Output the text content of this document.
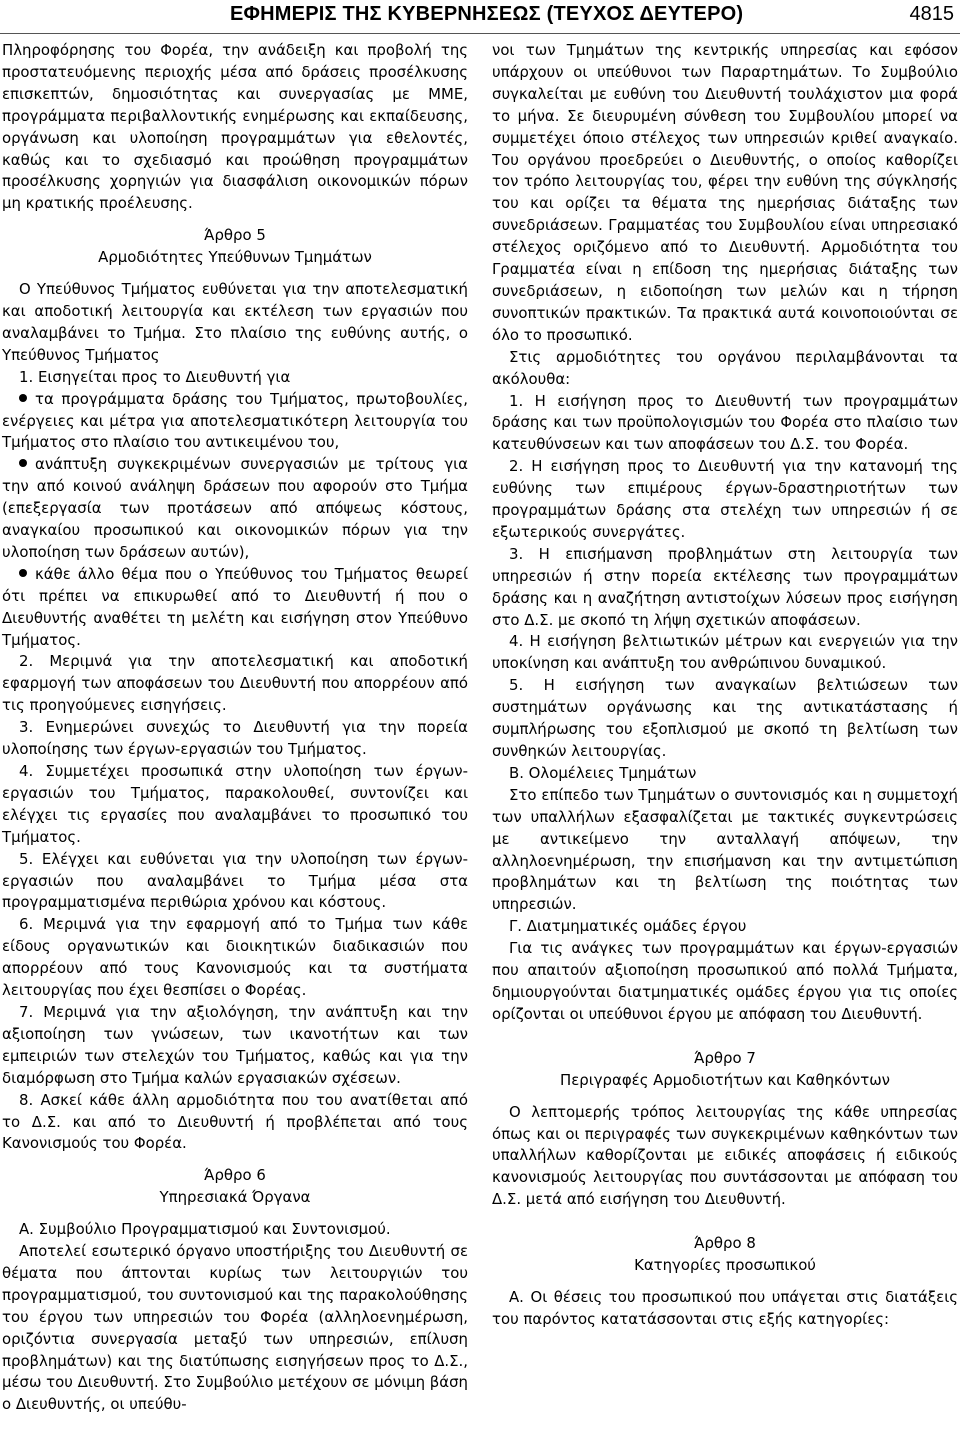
ΕΦΗΜΕΡΙΣ ΤΗΣ ΚΥΒΕΡΝΗΣΕΩΣ (ΤΕΥΧΟΣ ΔΕΥΤΕΡΟ)	4815

Πληροφόρησης του Φορέα, την ανάδειξη και προβολή της προστατευόμενης περιοχής μέσα από δράσεις προσέλκυσης επισκεπτών, δημοσιότητας και συνεργασίας με ΜΜΕ, προγράμματα περιβαλλοντικής ενημέρωσης και εκπαίδευσης, οργάνωση και υλοποίηση προγραμμάτων για εθελοντές, καθώς και το σχεδιασμό και προώθηση προγραμμάτων προσέλκυσης χορηγιών για διασφάλιση οικονομικών πόρων μη κρατικής προέλευσης.

Άρθρο 5

Αρμοδιότητες Υπεύθυνων Τμημάτων

Ο Υπεύθυνος Τμήματος ευθύνεται για την αποτελεσματική και αποδοτική λειτουργία και εκτέλεση των εργασιών που αναλαμβάνει το Τμήμα. Στο πλαίσιο της ευθύνης αυτής, ο Υπεύθυνος Τμήματος

1. Εισηγείται προς το Διευθυντή για

τα προγράμματα δράσης του Τμήματος, πρωτοβουλίες, ενέργειες και μέτρα για αποτελεσματικότερη λειτουργία του Τμήματος στο πλαίσιο του αντικειμένου του,

ανάπτυξη συγκεκριμένων συνεργασιών με τρίτους για την από κοινού ανάληψη δράσεων που αφορούν στο Τμήμα (επεξεργασία των προτάσεων από απόψεως κόστους, αναγκαίου προσωπικού και οικονομικών πόρων για την υλοποίηση των δράσεων αυτών),

κάθε άλλο θέμα που ο Υπεύθυνος του Τμήματος θεωρεί ότι πρέπει να επικυρωθεί από το Διευθυντή ή που ο Διευθυντής αναθέτει τη μελέτη και εισήγηση στον Υπεύθυνο Τμήματος.

2. Μεριμνά για την αποτελεσματική και αποδοτική εφαρμογή των αποφάσεων του Διευθυντή που απορρέουν από τις προηγούμενες εισηγήσεις.

3. Ενημερώνει συνεχώς το Διευθυντή για την πορεία υλοποίησης των έργων-εργασιών του Τμήματος.

4. Συμμετέχει προσωπικά στην υλοποίηση των έργων-εργασιών του Τμήματος, παρακολουθεί, συντονίζει και ελέγχει τις εργασίες που αναλαμβάνει το προσωπικό του Τμήματος.

5. Ελέγχει και ευθύνεται για την υλοποίηση των έργων-εργασιών που αναλαμβάνει το Τμήμα μέσα στα προγραμματισμένα περιθώρια χρόνου και κόστους.

6. Μεριμνά για την εφαρμογή από το Τμήμα των κάθε είδους οργανωτικών και διοικητικών διαδικασιών που απορρέουν από τους Κανονισμούς και τα συστήματα λειτουργίας που έχει θεσπίσει ο Φορέας.

7. Μεριμνά για την αξιολόγηση, την ανάπτυξη και την αξιοποίηση των γνώσεων, των ικανοτήτων και των εμπειριών των στελεχών του Τμήματος, καθώς και για την διαμόρφωση στο Τμήμα καλών εργασιακών σχέσεων.

8. Ασκεί κάθε άλλη αρμοδιότητα που του ανατίθεται από το Δ.Σ. και από το Διευθυντή ή προβλέπεται από τους Κανονισμούς του Φορέα.

Άρθρο 6

Υπηρεσιακά Όργανα

Α. Συμβούλιο Προγραμματισμού και Συντονισμού.

Αποτελεί εσωτερικό όργανο υποστήριξης του Διευθυντή σε θέματα που άπτονται κυρίως των λειτουργιών του προγραμματισμού, του συντονισμού και της παρακολούθησης του έργου των υπηρεσιών του Φορέα (αλληλοενημέρωση, οριζόντια συνεργασία μεταξύ των υπηρεσιών, επίλυση προβλημάτων) και της διατύπωσης εισηγήσεων προς το Δ.Σ., μέσω του Διευθυντή. Στο Συμβούλιο μετέχουν σε μόνιμη βάση ο Διευθυντής, οι υπεύθυ-

νοι των Τμημάτων της κεντρικής υπηρεσίας και εφόσον υπάρχουν οι υπεύθυνοι των Παραρτημάτων. Το Συμβούλιο συγκαλείται με ευθύνη του Διευθυντή τουλάχιστον μια φορά το μήνα. Σε διευρυμένη σύνθεση του Συμβουλίου μπορεί να συμμετέχει όποιο στέλεχος των υπηρεσιών κριθεί αναγκαίο. Του οργάνου προεδρεύει ο Διευθυντής, ο οποίος καθορίζει τον τρόπο λειτουργίας του, φέρει την ευθύνη της σύγκλησής του και ορίζει τα θέματα της ημερήσιας διάταξης των συνεδριάσεων. Γραμματέας του Συμβουλίου είναι υπηρεσιακό στέλεχος οριζόμενο από το Διευθυντή. Αρμοδιότητα του Γραμματέα είναι η επίδοση της ημερήσιας διάταξης των συνεδριάσεων, η ειδοποίηση των μελών και η τήρηση συνοπτικών πρακτικών. Τα πρακτικά αυτά κοινοποιούνται σε όλο το προσωπικό.

Στις αρμοδιότητες του οργάνου περιλαμβάνονται τα ακόλουθα:

1. Η εισήγηση προς το Διευθυντή των προγραμμάτων δράσης και των προϋπολογισμών του Φορέα στο πλαίσιο των κατευθύνσεων και των αποφάσεων του Δ.Σ. του Φορέα.

2. Η εισήγηση προς το Διευθυντή για την κατανομή της ευθύνης των επιμέρους έργων-δραστηριοτήτων των προγραμμάτων δράσης στα στελέχη των υπηρεσιών ή σε εξωτερικούς συνεργάτες.

3. Η επισήμανση προβλημάτων στη λειτουργία των υπηρεσιών ή στην πορεία εκτέλεσης των προγραμμάτων δράσης και η αναζήτηση αντιστοίχων λύσεων προς εισήγηση στο Δ.Σ. με σκοπό τη λήψη σχετικών αποφάσεων.

4. Η εισήγηση βελτιωτικών μέτρων και ενεργειών για την υποκίνηση και ανάπτυξη του ανθρώπινου δυναμικού.

5. Η εισήγηση των αναγκαίων βελτιώσεων των συστημάτων οργάνωσης και της αντικατάστασης ή συμπλήρωσης του εξοπλισμού με σκοπό τη βελτίωση των συνθηκών λειτουργίας.

Β. Ολομέλειες Τμημάτων

Στο επίπεδο των Τμημάτων ο συντονισμός και η συμμετοχή των υπαλλήλων εξασφαλίζεται με τακτικές συγκεντρώσεις με αντικείμενο την ανταλλαγή απόψεων, την αλληλοενημέρωση, την επισήμανση και την αντιμετώπιση προβλημάτων και τη βελτίωση της ποιότητας των υπηρεσιών.

Γ. Διατμηματικές ομάδες έργου

Για τις ανάγκες των προγραμμάτων και έργων-εργασιών που απαιτούν αξιοποίηση προσωπικού από πολλά Τμήματα, δημιουργούνται διατμηματικές ομάδες έργου για τις οποίες ορίζονται οι υπεύθυνοι έργου με απόφαση του Διευθυντή.

Άρθρο 7

Περιγραφές Αρμοδιοτήτων και Καθηκόντων

Ο λεπτομερής τρόπος λειτουργίας της κάθε υπηρεσίας όπως και οι περιγραφές των συγκεκριμένων καθηκόντων των υπαλλήλων καθορίζονται με ειδικές αποφάσεις ή ειδικούς κανονισμούς λειτουργίας που συντάσσονται με απόφαση του Δ.Σ. μετά από εισήγηση του Διευθυντή.

Άρθρο 8

Κατηγορίες προσωπικού

Α. Οι θέσεις του προσωπικού που υπάγεται στις διατάξεις του παρόντος κατατάσσονται στις εξής κατηγορίες:
